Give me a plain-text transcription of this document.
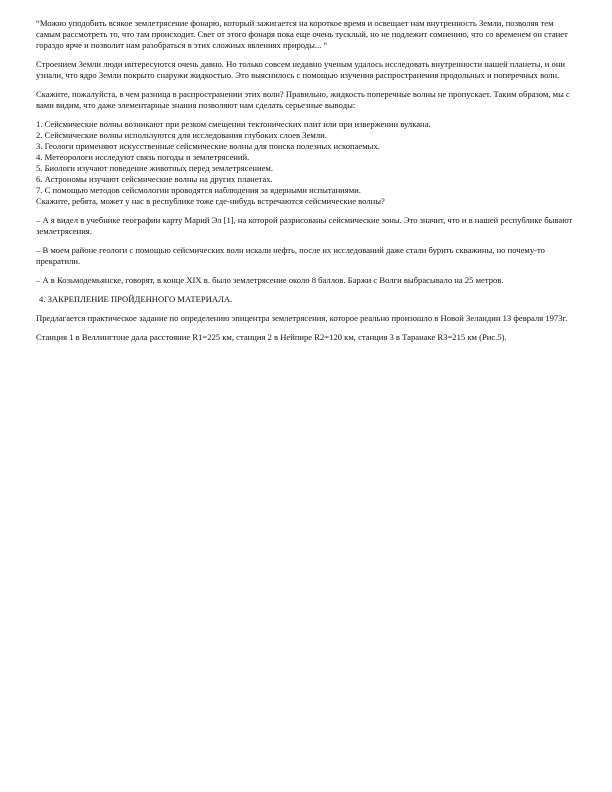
“Можно уподобить всякое землетрясение фонарю, который зажигается на короткое время и освещает нам внутренность Земли, позволяя тем самым рассмотреть то, что там происходит. Свет от этого фонаря пока еще очень тусклый, но не подлежит сомнению, что со временем он станет гораздо ярче и позволит нам разобраться в этих сложных явлениях природы... “

Строением Земли люди интересуются очень давно. Но только совсем недавно ученым удалось исследовать внутренности нашей планеты, и они узнали, что ядро Земли покрыто снаружи жидкостью. Это выяснилось с помощью изучения распространения продольных и поперечных волн.

Скажите, пожалуйста, в чем разница в распространении этих волн? Правильно, жидкость поперечные волны не пропускает. Таким образом, мы с вами видим, что даже элементарные знания позволяют нам сделать серьезные выводы:

1. Сейсмические волны возникают при резком смещении тектонических плит или при извержении вулкана.
2. Сейсмические волны используются для исследования глубоких слоев Земли.
3. Геологи применяют искусственные сейсмические волны для поиска полезных ископаемых.
4. Метеорологи исследуют связь погоды и землетрясений.
5. Биологи изучают поведение животных перед землетрясением.
6. Астрономы изучают сейсмические волны на других планетах.
7. С помощью методов сейсмологии проводятся наблюдения за ядерными испытаниями.
Скажите, ребята, может у нас в республике тоже где-нибудь встречаются сейсмические волны?

– А я видел в учебнике географии карту Марий Эл [1], на которой разрисованы сейсмические зоны. Это значит, что и в нашей республике бывают землетрясения.

– В моем районе геологи с помощью сейсмических волн искали нефть, после их исследований даже стали бурить скважины, но почему-то прекратили.

– А в Козьмодемьянске, говорят, в конце XIX в. было землетрясение около 8 баллов. Баржи с Волги выбрасывало на 25 метров.

4. ЗАКРЕПЛЕНИЕ ПРОЙДЕННОГО МАТЕРИАЛА.

Предлагается практическое задание по определению эпицентра землетрясения, которое реально произошло в Новой Зеландии 13 февраля 1973г.

Станция 1 в Веллингтоне дала расстояние R1=225 км, станция 2 в Нейпире R2=120 км, станция 3 в Таранаке R3=215 км (Рис.5).
